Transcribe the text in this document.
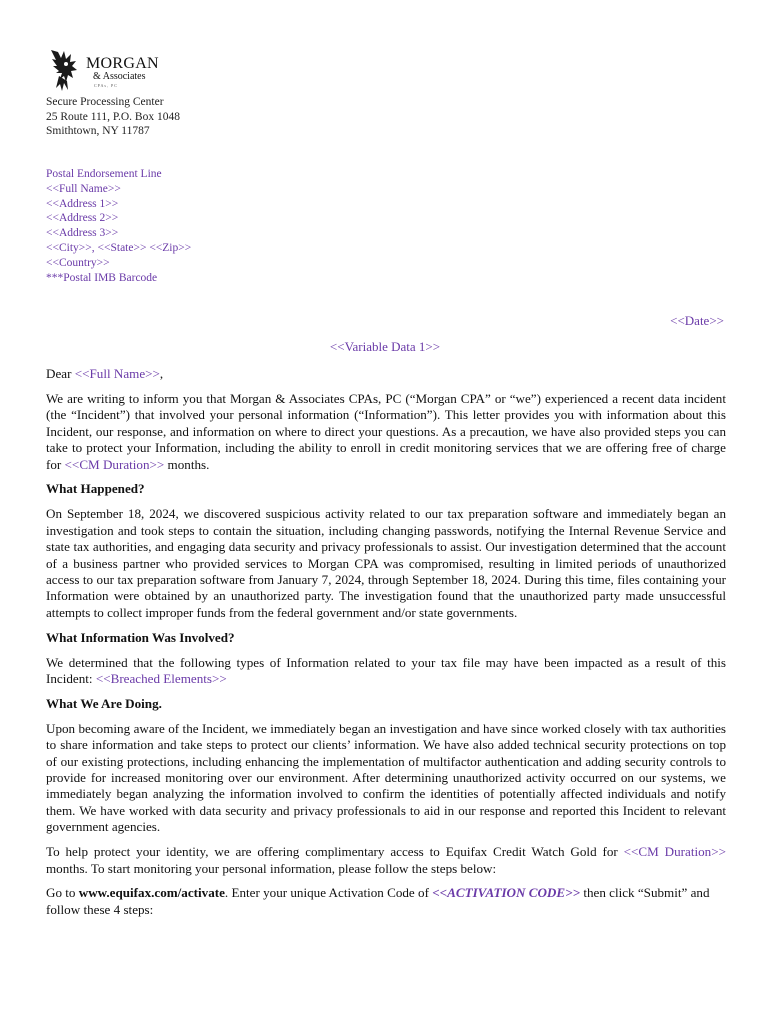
MORGAN
& Associates
CPAs, PC
Secure Processing Center
25 Route 111, P.O. Box 1048
Smithtown, NY 11787
Postal Endorsement Line
<<Full Name>>
<<Address 1>>
<<Address 2>>
<<Address 3>>
<<City>>, <<State>> <<Zip>>
<<Country>>
***Postal IMB Barcode
<<Date>>
<<Variable Data 1>>

Dear <<Full Name>>,

We are writing to inform you that Morgan & Associates CPAs, PC (“Morgan CPA” or “we”) experienced a recent data incident (the “Incident”) that involved your personal information (“Information”). This letter provides you with information about this Incident, our response, and information on where to direct your questions. As a precaution, we have also provided steps you can take to protect your Information, including the ability to enroll in credit monitoring services that we are offering free of charge for <<CM Duration>> months.

What Happened?

On September 18, 2024, we discovered suspicious activity related to our tax preparation software and immediately began an investigation and took steps to contain the situation, including changing passwords, notifying the Internal Revenue Service and state tax authorities, and engaging data security and privacy professionals to assist. Our investigation determined that the account of a business partner who provided services to Morgan CPA was compromised, resulting in limited periods of unauthorized access to our tax preparation software from January 7, 2024, through September 18, 2024. During this time, files containing your Information were obtained by an unauthorized party. The investigation found that the unauthorized party made unsuccessful attempts to collect improper funds from the federal government and/or state governments.

What Information Was Involved?

We determined that the following types of Information related to your tax file may have been impacted as a result of this Incident: <<Breached Elements>>

What We Are Doing.

Upon becoming aware of the Incident, we immediately began an investigation and have since worked closely with tax authorities to share information and take steps to protect our clients’ information. We have also added technical security protections on top of our existing protections, including enhancing the implementation of multifactor authentication and adding security controls to provide for increased monitoring over our environment. After determining unauthorized activity occurred on our systems, we immediately began analyzing the information involved to confirm the identities of potentially affected individuals and notify them. We have worked with data security and privacy professionals to aid in our response and reported this Incident to relevant government agencies.

To help protect your identity, we are offering complimentary access to Equifax Credit Watch Gold for <<CM Duration>> months. To start monitoring your personal information, please follow the steps below:

Go to www.equifax.com/activate. Enter your unique Activation Code of <<ACTIVATION CODE>> then click “Submit” and follow these 4 steps:
